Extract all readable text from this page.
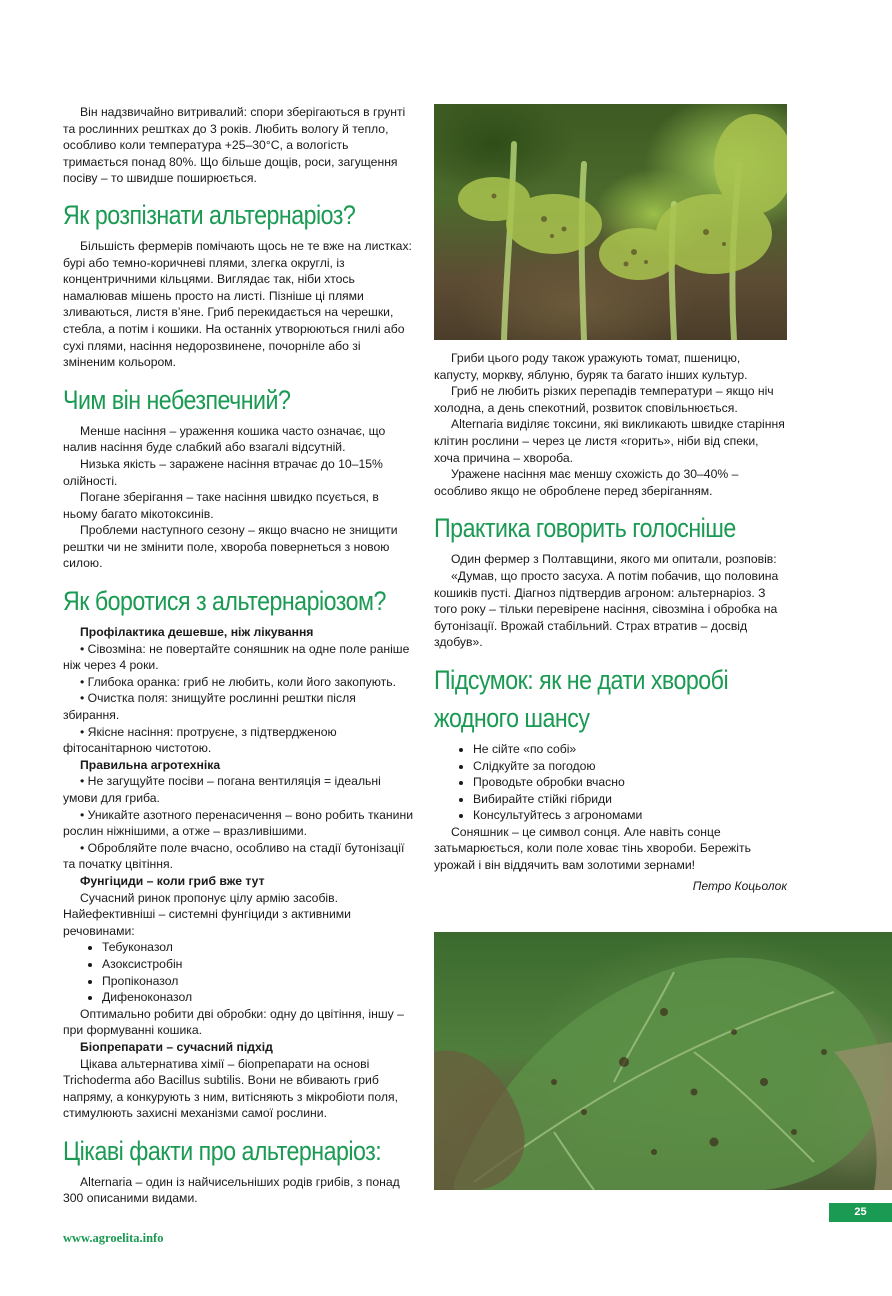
Він надзвичайно витривалий: спори зберігаються в грунті та рослинних рештках до 3 років. Любить вологу й тепло, особливо коли температура +25–30°С, а вологість тримається понад 80%. Що більше дощів, роси, загущення посіву – то швидше поширюється.

Як розпізнати альтернаріоз?

Більшість фермерів помічають щось не те вже на листках: бурі або темно-коричневі плями, злегка округлі, із концентричними кільцями. Виглядає так, ніби хтось намалював мішень просто на листі. Пізніше ці плями зливаються, листя в’яне. Гриб перекидається на черешки, стебла, а потім і кошики. На останніх утворюються гнилі або сухі плями, насіння недорозвинене, почорніле або зі зміненим кольором.

Чим він небезпечний?

Менше насіння – ураження кошика часто означає, що налив насіння буде слабкий або взагалі відсутній.

Низька якість – заражене насіння втрачає до 10–15% олійності.

Погане зберігання – таке насіння швидко псується, в ньому багато мікотоксинів.

Проблеми наступного сезону – якщо вчасно не знищити рештки чи не змінити поле, хвороба повернеться з новою силою.

Як боротися з альтернаріозом?
Профілактика дешевше, ніж лікування

• Сівозміна: не повертайте соняшник на одне поле раніше ніж через 4 роки.

• Глибока оранка: гриб не любить, коли його закопують.

• Очистка поля: знищуйте рослинні рештки після збирання.

• Якісне насіння: протруєне, з підтвердженою фітосанітарною чистотою.

Правильна агротехніка

• Не загущуйте посіви – погана вентиляція = ідеальні умови для гриба.

• Уникайте азотного перенасичення – воно робить тканини рослин ніжнішими, а отже – вразливішими.

• Обробляйте поле вчасно, особливо на стадії бутонізації та початку цвітіння.

Фунгіциди – коли гриб вже тут

Сучасний ринок пропонує цілу армію засобів. Найефективніші – системні фунгіциди з активними речовинами:

• Тебуконазол
• Азоксистробін
• Пропіконазол
• Дифеноконазол

Оптимально робити дві обробки: одну до цвітіння, іншу – при формуванні кошика.

Біопрепарати – сучасний підхід

Цікава альтернатива хімії – біопрепарати на основі Trichoderma або Bacillus subtilis. Вони не вбивають гриб напряму, а конкурують з ним, витісняють з мікробіоти поля, стимулюють захисні механізми самої рослини.

Цікаві факти про альтернаріоз:

Alternaria – один із найчисельніших родів грибів, з понад 300 описаними видами.

Гриби цього роду також уражують томат, пшеницю, капусту, моркву, яблуню, буряк та багато інших культур.

Гриб не любить різких перепадів температури – якщо ніч холодна, а день спекотний, розвиток сповільнюється.

Alternaria виділяє токсини, які викликають швидке старіння клітин рослини – через це листя «горить», ніби від спеки, хоча причина – хвороба.

Уражене насіння має меншу схожість до 30–40% – особливо якщо не оброблене перед зберіганням.

Практика говорить голосніше

Один фермер з Полтавщини, якого ми опитали, розповів:

«Думав, що просто засуха. А потім побачив, що половина кошиків пусті. Діагноз підтвердив агроном: альтернаріоз. З того року – тільки перевірене насіння, сівозміна і обробка на бутонізації. Врожай стабільний. Страх втратив – досвід здобув».

Підсумок: як не дати хворобі
жодного шансу
• Не сійте «по собі»
• Слідкуйте за погодою
• Проводьте обробки вчасно
• Вибирайте стійкі гібриди
• Консультуйтесь з агрономами

Соняшник – це символ сонця. Але навіть сонце затьмарюється, коли поле ховає тінь хвороби. Бережіть урожай і він віддячить вам золотими зернами!

Петро Коцьолок
www.agroelita.info
25
